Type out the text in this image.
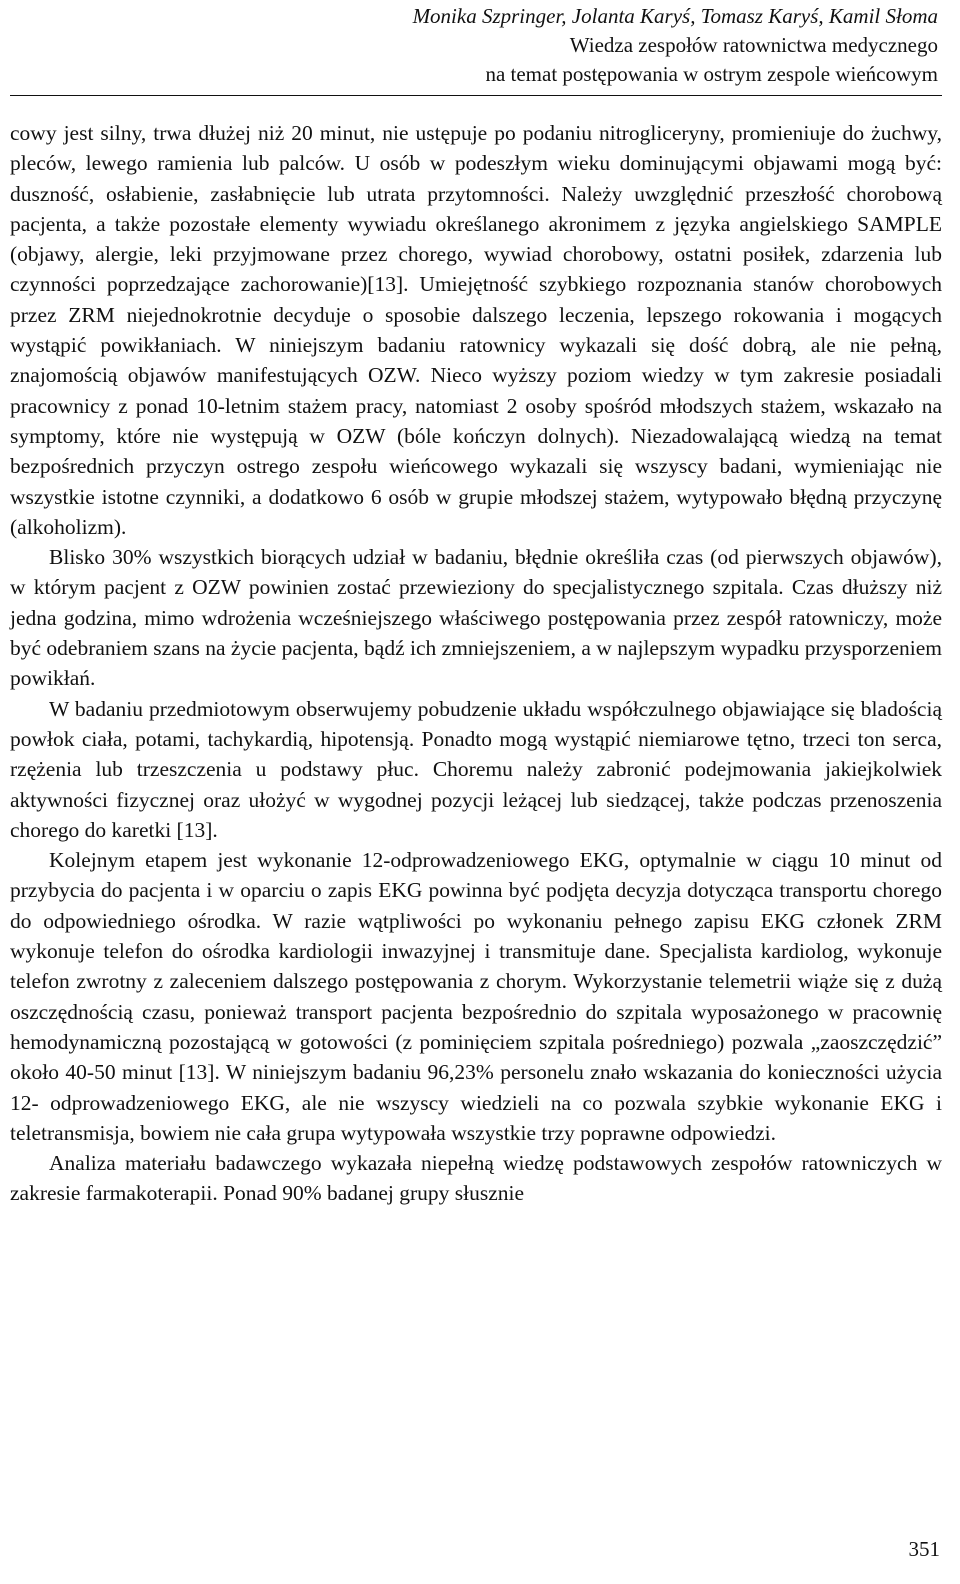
Monika Szpringer, Jolanta Karyś, Tomasz Karyś, Kamil Słoma
Wiedza zespołów ratownictwa medycznego
na temat postępowania w ostrym zespole wieńcowym

cowy jest silny, trwa dłużej niż 20 minut, nie ustępuje po podaniu nitrogliceryny, promieniuje do żuchwy, pleców, lewego ramienia lub palców. U osób w podeszłym wieku dominującymi objawami mogą być: duszność, osłabienie, zasłabnięcie lub utrata przytomności. Należy uwzględnić przeszłość chorobową pacjenta, a także pozostałe elementy wywiadu określanego akronimem z języka angielskiego SAMPLE (objawy, alergie, leki przyjmowane przez chorego, wywiad chorobowy, ostatni posiłek, zdarzenia lub czynności poprzedzające zachorowanie)[13]. Umiejętność szybkiego rozpoznania stanów chorobowych przez ZRM niejednokrotnie decyduje o sposobie dalszego leczenia, lepszego rokowania i mogących wystąpić powikłaniach. W niniejszym badaniu ratownicy wykazali się dość dobrą, ale nie pełną, znajomością objawów manifestujących OZW. Nieco wyższy poziom wiedzy w tym zakresie posiadali pracownicy z ponad 10-letnim stażem pracy, natomiast 2 osoby spośród młodszych stażem, wskazało na symptomy, które nie występują w OZW (bóle kończyn dolnych). Niezadowalającą wiedzą na temat bezpośrednich przyczyn ostrego zespołu wieńcowego wykazali się wszyscy badani, wymieniając nie wszystkie istotne czynniki, a dodatkowo 6 osób w grupie młodszej stażem, wytypowało błędną przyczynę (alkoholizm).

Blisko 30% wszystkich biorących udział w badaniu, błędnie określiła czas (od pierwszych objawów), w którym pacjent z OZW powinien zostać przewieziony do specjalistycznego szpitala. Czas dłuższy niż jedna godzina, mimo wdrożenia wcześniejszego właściwego postępowania przez zespół ratowniczy, może być odebraniem szans na życie pacjenta, bądź ich zmniejszeniem, a w najlepszym wypadku przysporzeniem powikłań.

W badaniu przedmiotowym obserwujemy pobudzenie układu współczulnego objawiające się bladością powłok ciała, potami, tachykardią, hipotensją. Ponadto mogą wystąpić niemiarowe tętno, trzeci ton serca, rzężenia lub trzeszczenia u podstawy płuc. Choremu należy zabronić podejmowania jakiejkolwiek aktywności fizycznej oraz ułożyć w wygodnej pozycji leżącej lub siedzącej, także podczas przenoszenia chorego do karetki [13].

Kolejnym etapem jest wykonanie 12-odprowadzeniowego EKG, optymalnie w ciągu 10 minut od przybycia do pacjenta i w oparciu o zapis EKG powinna być podjęta decyzja dotycząca transportu chorego do odpowiedniego ośrodka. W razie wątpliwości po wykonaniu pełnego zapisu EKG członek ZRM wykonuje telefon do ośrodka kardiologii inwazyjnej i transmituje dane. Specjalista kardiolog, wykonuje telefon zwrotny z zaleceniem dalszego postępowania z chorym. Wykorzystanie telemetrii wiąże się z dużą oszczędnością czasu, ponieważ transport pacjenta bezpośrednio do szpitala wyposażonego w pracownię hemodynamiczną pozostającą w gotowości (z pominięciem szpitala pośredniego) pozwala „zaoszczędzić” około 40-50 minut [13]. W niniejszym badaniu 96,23% personelu znało wskazania do konieczności użycia 12- odprowadzeniowego EKG, ale nie wszyscy wiedzieli na co pozwala szybkie wykonanie EKG i teletransmisja, bowiem nie cała grupa wytypowała wszystkie trzy poprawne odpowiedzi.

Analiza materiału badawczego wykazała niepełną wiedzę podstawowych zespołów ratowniczych w zakresie farmakoterapii. Ponad 90% badanej grupy słusznie

351
